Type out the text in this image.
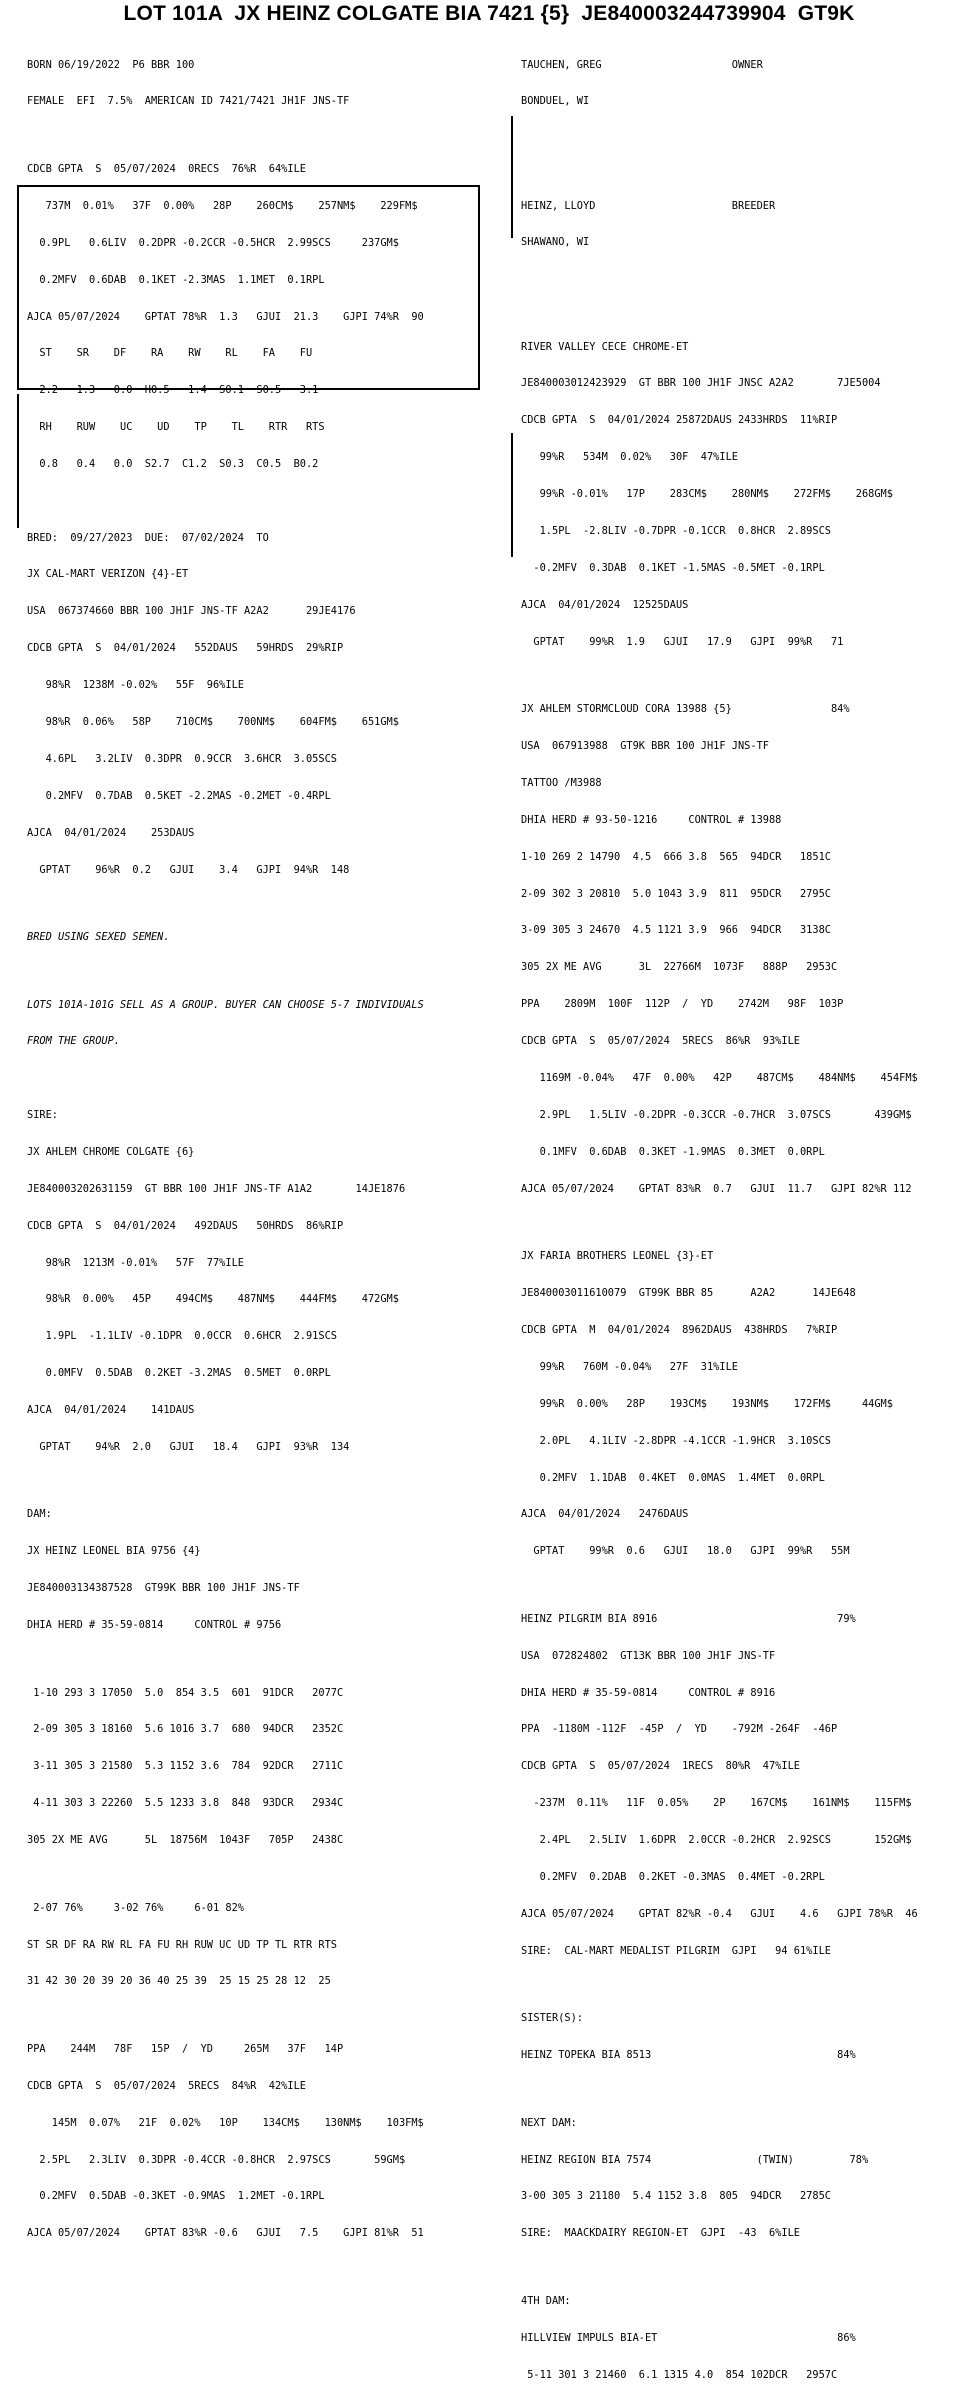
LOT 101A  JX HEINZ COLGATE BIA 7421 {5}  JE840003244739904  GT9K

BORN 06/19/2022  P6 BBR 100

FEMALE  EFI  7.5%  AMERICAN ID 7421/7421 JH1F JNS-TF

CDCB GPTA  S  05/07/2024  0RECS  76%R  64%ILE

737M  0.01%   37F  0.00%   28P    260CM$    257NM$    229FM$

0.9PL   0.6LIV  0.2DPR -0.2CCR -0.5HCR  2.99SCS     237GM$

0.2MFV  0.6DAB  0.1KET -2.3MAS  1.1MET  0.1RPL

AJCA 05/07/2024    GPTAT 78%R  1.3   GJUI  21.3    GJPI 74%R  90

ST    SR    DF    RA    RW    RL    FA    FU

2.2   1.3   0.0  H0.5   1.4  S0.1  S0.5   3.1

RH    RUW    UC    UD    TP    TL    RTR   RTS

0.8   0.4   0.0  S2.7  C1.2  S0.3  C0.5  B0.2

BRED:  09/27/2023  DUE:  07/02/2024  TO

JX CAL-MART VERIZON {4}-ET

USA  067374660 BBR 100 JH1F JNS-TF A2A2      29JE4176

CDCB GPTA  S  04/01/2024   552DAUS   59HRDS  29%RIP

98%R  1238M -0.02%   55F  96%ILE

98%R  0.06%   58P    710CM$    700NM$    604FM$    651GM$

4.6PL   3.2LIV  0.3DPR  0.9CCR  3.6HCR  3.05SCS

0.2MFV  0.7DAB  0.5KET -2.2MAS -0.2MET -0.4RPL

AJCA  04/01/2024    253DAUS

GPTAT    96%R  0.2   GJUI    3.4   GJPI  94%R  148

BRED USING SEXED SEMEN.

LOTS 101A-101G SELL AS A GROUP. BUYER CAN CHOOSE 5-7 INDIVIDUALS

FROM THE GROUP.

SIRE:

JX AHLEM CHROME COLGATE {6}

JE840003202631159  GT BBR 100 JH1F JNS-TF A1A2       14JE1876

CDCB GPTA  S  04/01/2024   492DAUS   50HRDS  86%RIP

98%R  1213M -0.01%   57F  77%ILE

98%R  0.00%   45P    494CM$    487NM$    444FM$    472GM$

1.9PL  -1.1LIV -0.1DPR  0.0CCR  0.6HCR  2.91SCS

0.0MFV  0.5DAB  0.2KET -3.2MAS  0.5MET  0.0RPL

AJCA  04/01/2024    141DAUS

GPTAT    94%R  2.0   GJUI   18.4   GJPI  93%R  134

DAM:

JX HEINZ LEONEL BIA 9756 {4}

JE840003134387528  GT99K BBR 100 JH1F JNS-TF

DHIA HERD # 35-59-0814     CONTROL # 9756

1-10 293 3 17050  5.0  854 3.5  601  91DCR   2077C

2-09 305 3 18160  5.6 1016 3.7  680  94DCR   2352C

3-11 305 3 21580  5.3 1152 3.6  784  92DCR   2711C

4-11 303 3 22260  5.5 1233 3.8  848  93DCR   2934C

305 2X ME AVG      5L  18756M  1043F   705P   2438C

2-07 76%     3-02 76%     6-01 82%

ST SR DF RA RW RL FA FU RH RUW UC UD TP TL RTR RTS

31 42 30 20 39 20 36 40 25 39  25 15 25 28 12  25

PPA    244M   78F   15P  /  YD     265M   37F   14P

CDCB GPTA  S  05/07/2024  5RECS  84%R  42%ILE

145M  0.07%   21F  0.02%   10P    134CM$    130NM$    103FM$

2.5PL   2.3LIV  0.3DPR -0.4CCR -0.8HCR  2.97SCS       59GM$

0.2MFV  0.5DAB -0.3KET -0.9MAS  1.2MET -0.1RPL

AJCA 05/07/2024    GPTAT 83%R -0.6   GJUI   7.5    GJPI 81%R  51

TAUCHEN, GREG	OWNER

BONDUEL, WI

HEINZ, LLOYD	BREEDER

SHAWANO, WI

RIVER VALLEY CECE CHROME-ET

JE840003012423929  GT BBR 100 JH1F JNSC A2A2       7JE5004

CDCB GPTA  S  04/01/2024 25872DAUS 2433HRDS  11%RIP

99%R   534M  0.02%   30F  47%ILE

99%R -0.01%   17P    283CM$    280NM$    272FM$    268GM$

1.5PL  -2.8LIV -0.7DPR -0.1CCR  0.8HCR  2.89SCS

-0.2MFV  0.3DAB  0.1KET -1.5MAS -0.5MET -0.1RPL

AJCA  04/01/2024  12525DAUS

GPTAT    99%R  1.9   GJUI   17.9   GJPI  99%R   71

JX AHLEM STORMCLOUD CORA 13988 {5}                84%

USA  067913988  GT9K BBR 100 JH1F JNS-TF

TATTOO /M3988

DHIA HERD # 93-50-1216     CONTROL # 13988

1-10 269 2 14790  4.5  666 3.8  565  94DCR   1851C

2-09 302 3 20810  5.0 1043 3.9  811  95DCR   2795C

3-09 305 3 24670  4.5 1121 3.9  966  94DCR   3138C

305 2X ME AVG      3L  22766M  1073F   888P   2953C

PPA    2809M  100F  112P  /  YD    2742M   98F  103P

CDCB GPTA  S  05/07/2024  5RECS  86%R  93%ILE

1169M -0.04%   47F  0.00%   42P    487CM$    484NM$    454FM$

2.9PL   1.5LIV -0.2DPR -0.3CCR -0.7HCR  3.07SCS       439GM$

0.1MFV  0.6DAB  0.3KET -1.9MAS  0.3MET  0.0RPL

AJCA 05/07/2024    GPTAT 83%R  0.7   GJUI  11.7   GJPI 82%R 112

JX FARIA BROTHERS LEONEL {3}-ET

JE840003011610079  GT99K BBR 85      A2A2      14JE648

CDCB GPTA  M  04/01/2024  8962DAUS  438HRDS   7%RIP

99%R   760M -0.04%   27F  31%ILE

99%R  0.00%   28P    193CM$    193NM$    172FM$     44GM$

2.0PL   4.1LIV -2.8DPR -4.1CCR -1.9HCR  3.10SCS

0.2MFV  1.1DAB  0.4KET  0.0MAS  1.4MET  0.0RPL

AJCA  04/01/2024   2476DAUS

GPTAT    99%R  0.6   GJUI   18.0   GJPI  99%R   55M

HEINZ PILGRIM BIA 8916                             79%

USA  072824802  GT13K BBR 100 JH1F JNS-TF

DHIA HERD # 35-59-0814     CONTROL # 8916

PPA  -1180M -112F  -45P  /  YD    -792M -264F  -46P

CDCB GPTA  S  05/07/2024  1RECS  80%R  47%ILE

-237M  0.11%   11F  0.05%    2P    167CM$    161NM$    115FM$

2.4PL   2.5LIV  1.6DPR  2.0CCR -0.2HCR  2.92SCS       152GM$

0.2MFV  0.2DAB  0.2KET -0.3MAS  0.4MET -0.2RPL

AJCA 05/07/2024    GPTAT 82%R -0.4   GJUI    4.6   GJPI 78%R  46

SIRE:  CAL-MART MEDALIST PILGRIM  GJPI   94 61%ILE

SISTER(S):

HEINZ TOPEKA BIA 8513                              84%

NEXT DAM:

HEINZ REGION BIA 7574                 (TWIN)         78%

3-00 305 3 21180  5.4 1152 3.8  805  94DCR   2785C

SIRE:  MAACKDAIRY REGION-ET  GJPI  -43  6%ILE

4TH DAM:

HILLVIEW IMPULS BIA-ET                             86%

5-11 301 3 21460  6.1 1315 4.0  854 102DCR   2957C
